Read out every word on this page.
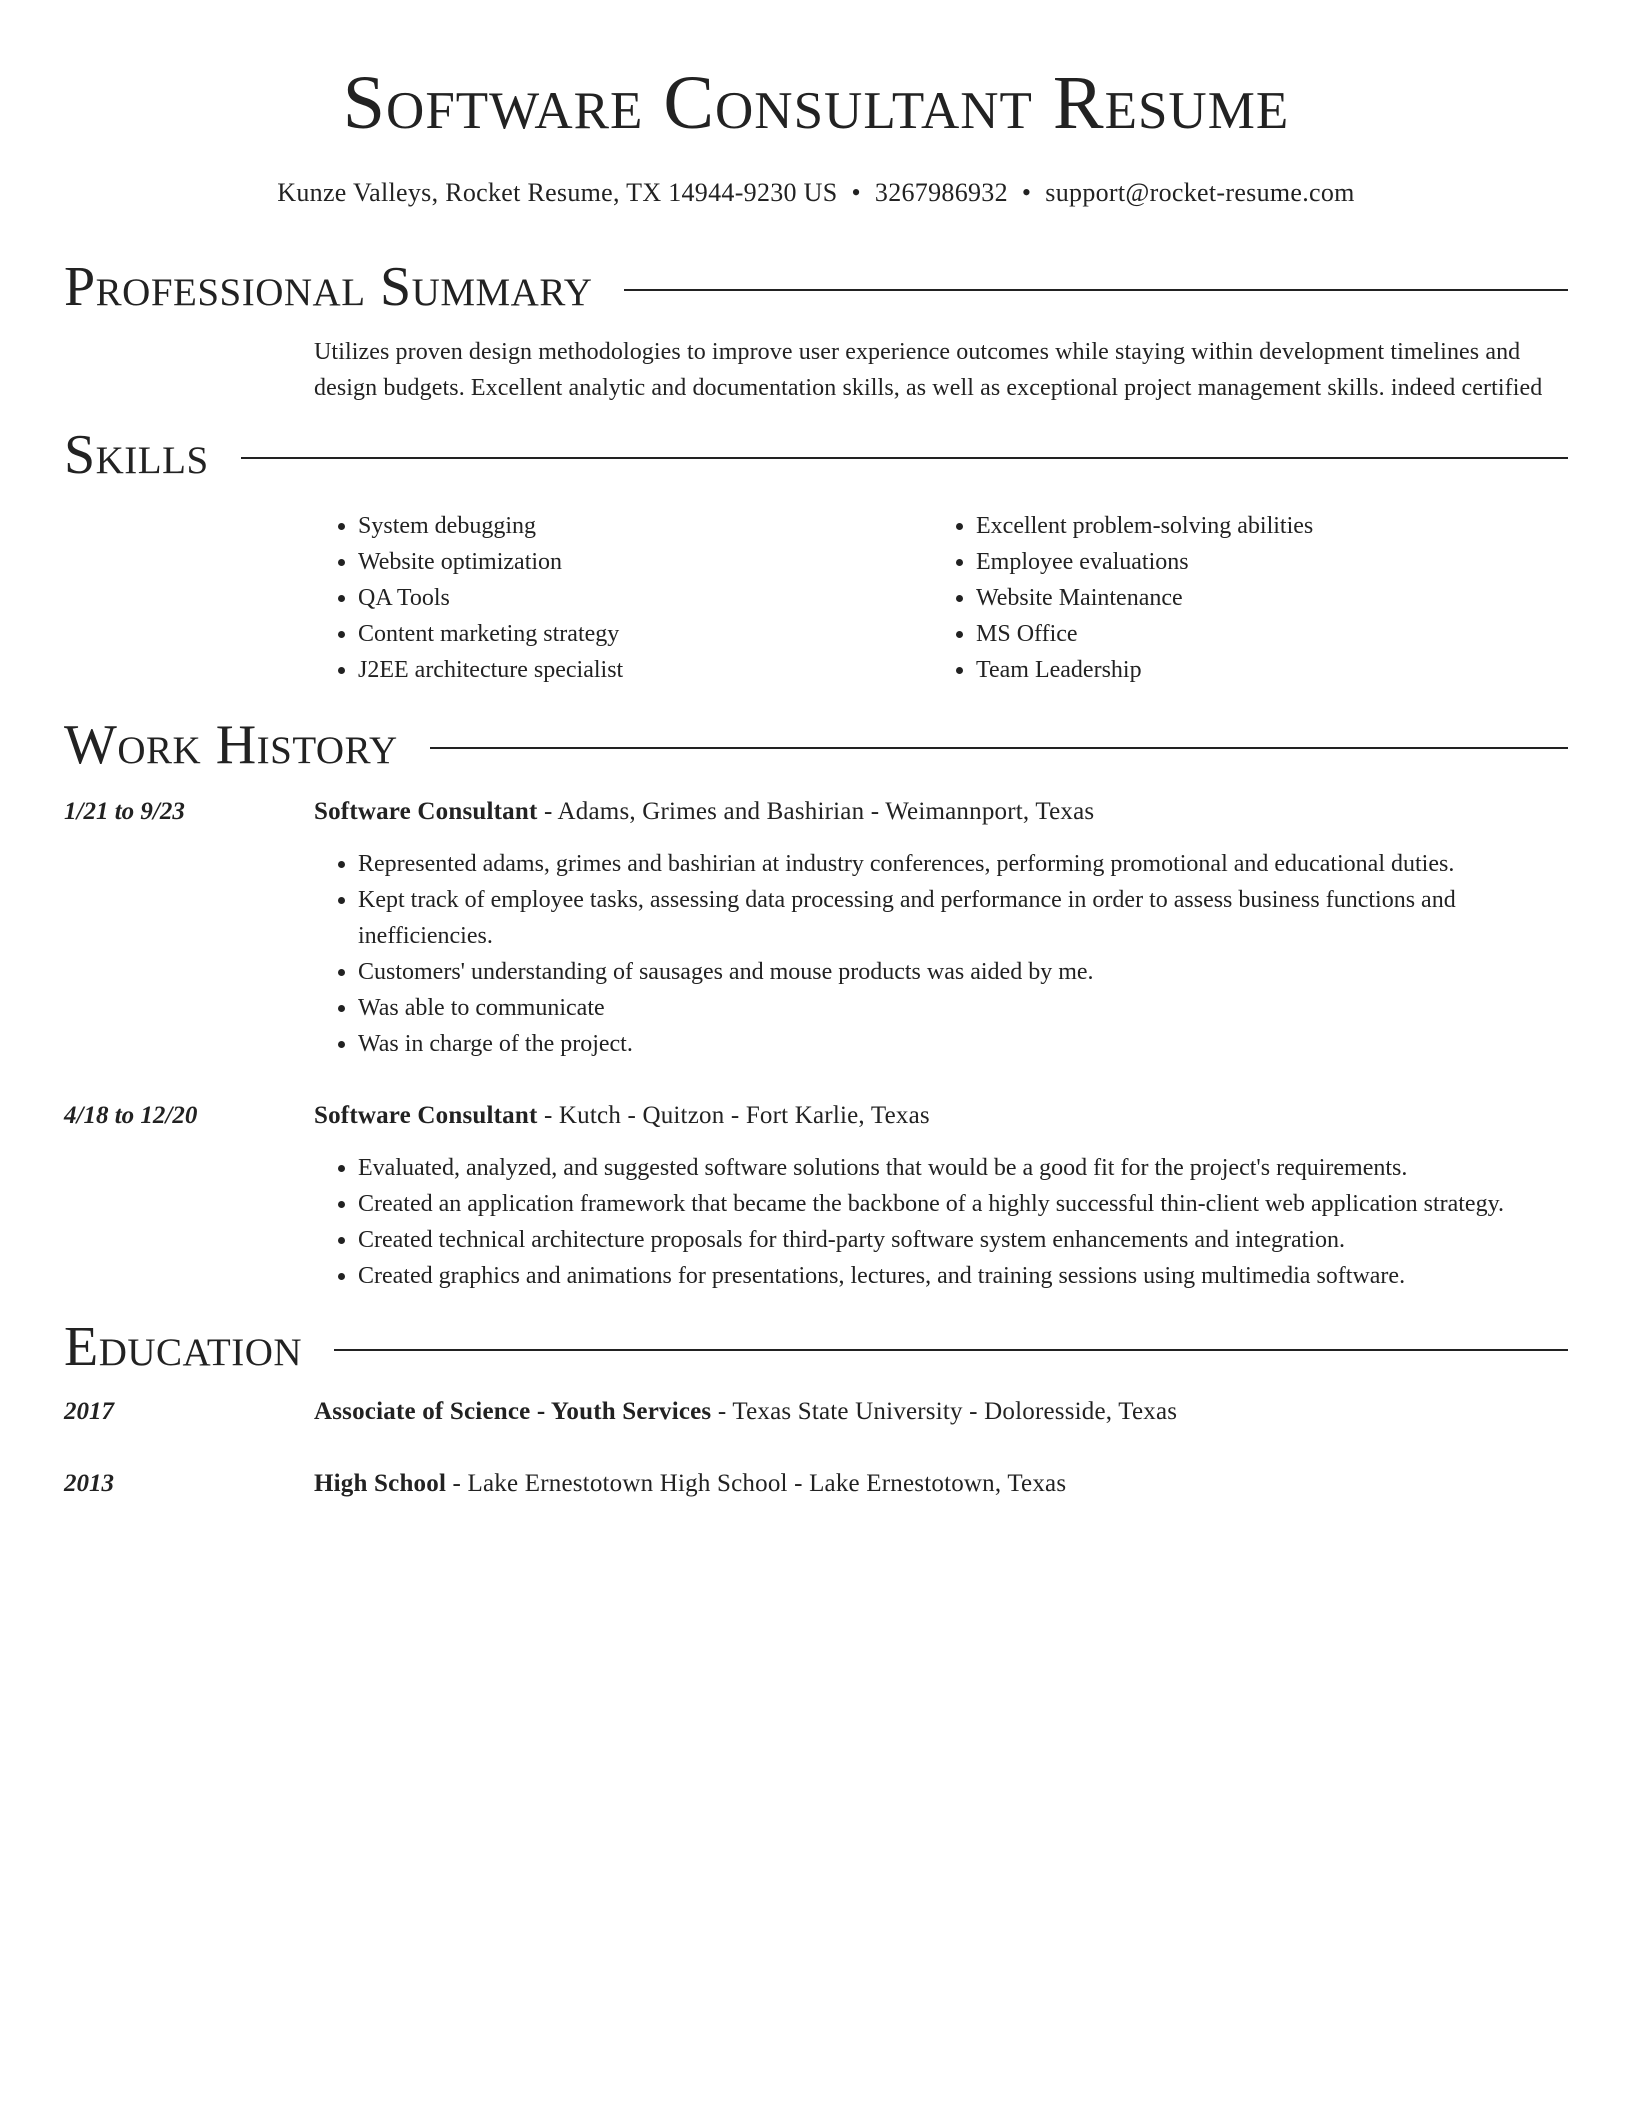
Software Consultant Resume
Kunze Valleys, Rocket Resume, TX 14944-9230 US • 3267986932 • support@rocket-resume.com
Professional Summary
Utilizes proven design methodologies to improve user experience outcomes while staying within development timelines and design budgets. Excellent analytic and documentation skills, as well as exceptional project management skills. indeed certified
Skills
• System debugging
• Website optimization
• QA Tools
• Content marketing strategy
• J2EE architecture specialist
• Excellent problem-solving abilities
• Employee evaluations
• Website Maintenance
• MS Office
• Team Leadership
Work History
1/21 to 9/23	Software Consultant - Adams, Grimes and Bashirian - Weimannport, Texas
• Represented adams, grimes and bashirian at industry conferences, performing promotional and educational duties.
• Kept track of employee tasks, assessing data processing and performance in order to assess business functions and inefficiencies.
• Customers' understanding of sausages and mouse products was aided by me.
• Was able to communicate
• Was in charge of the project.
4/18 to 12/20	Software Consultant - Kutch - Quitzon - Fort Karlie, Texas
• Evaluated, analyzed, and suggested software solutions that would be a good fit for the project's requirements.
• Created an application framework that became the backbone of a highly successful thin-client web application strategy.
• Created technical architecture proposals for third-party software system enhancements and integration.
• Created graphics and animations for presentations, lectures, and training sessions using multimedia software.
Education
2017	Associate of Science - Youth Services - Texas State University - Doloresside, Texas
2013	High School - Lake Ernestotown High School - Lake Ernestotown, Texas
